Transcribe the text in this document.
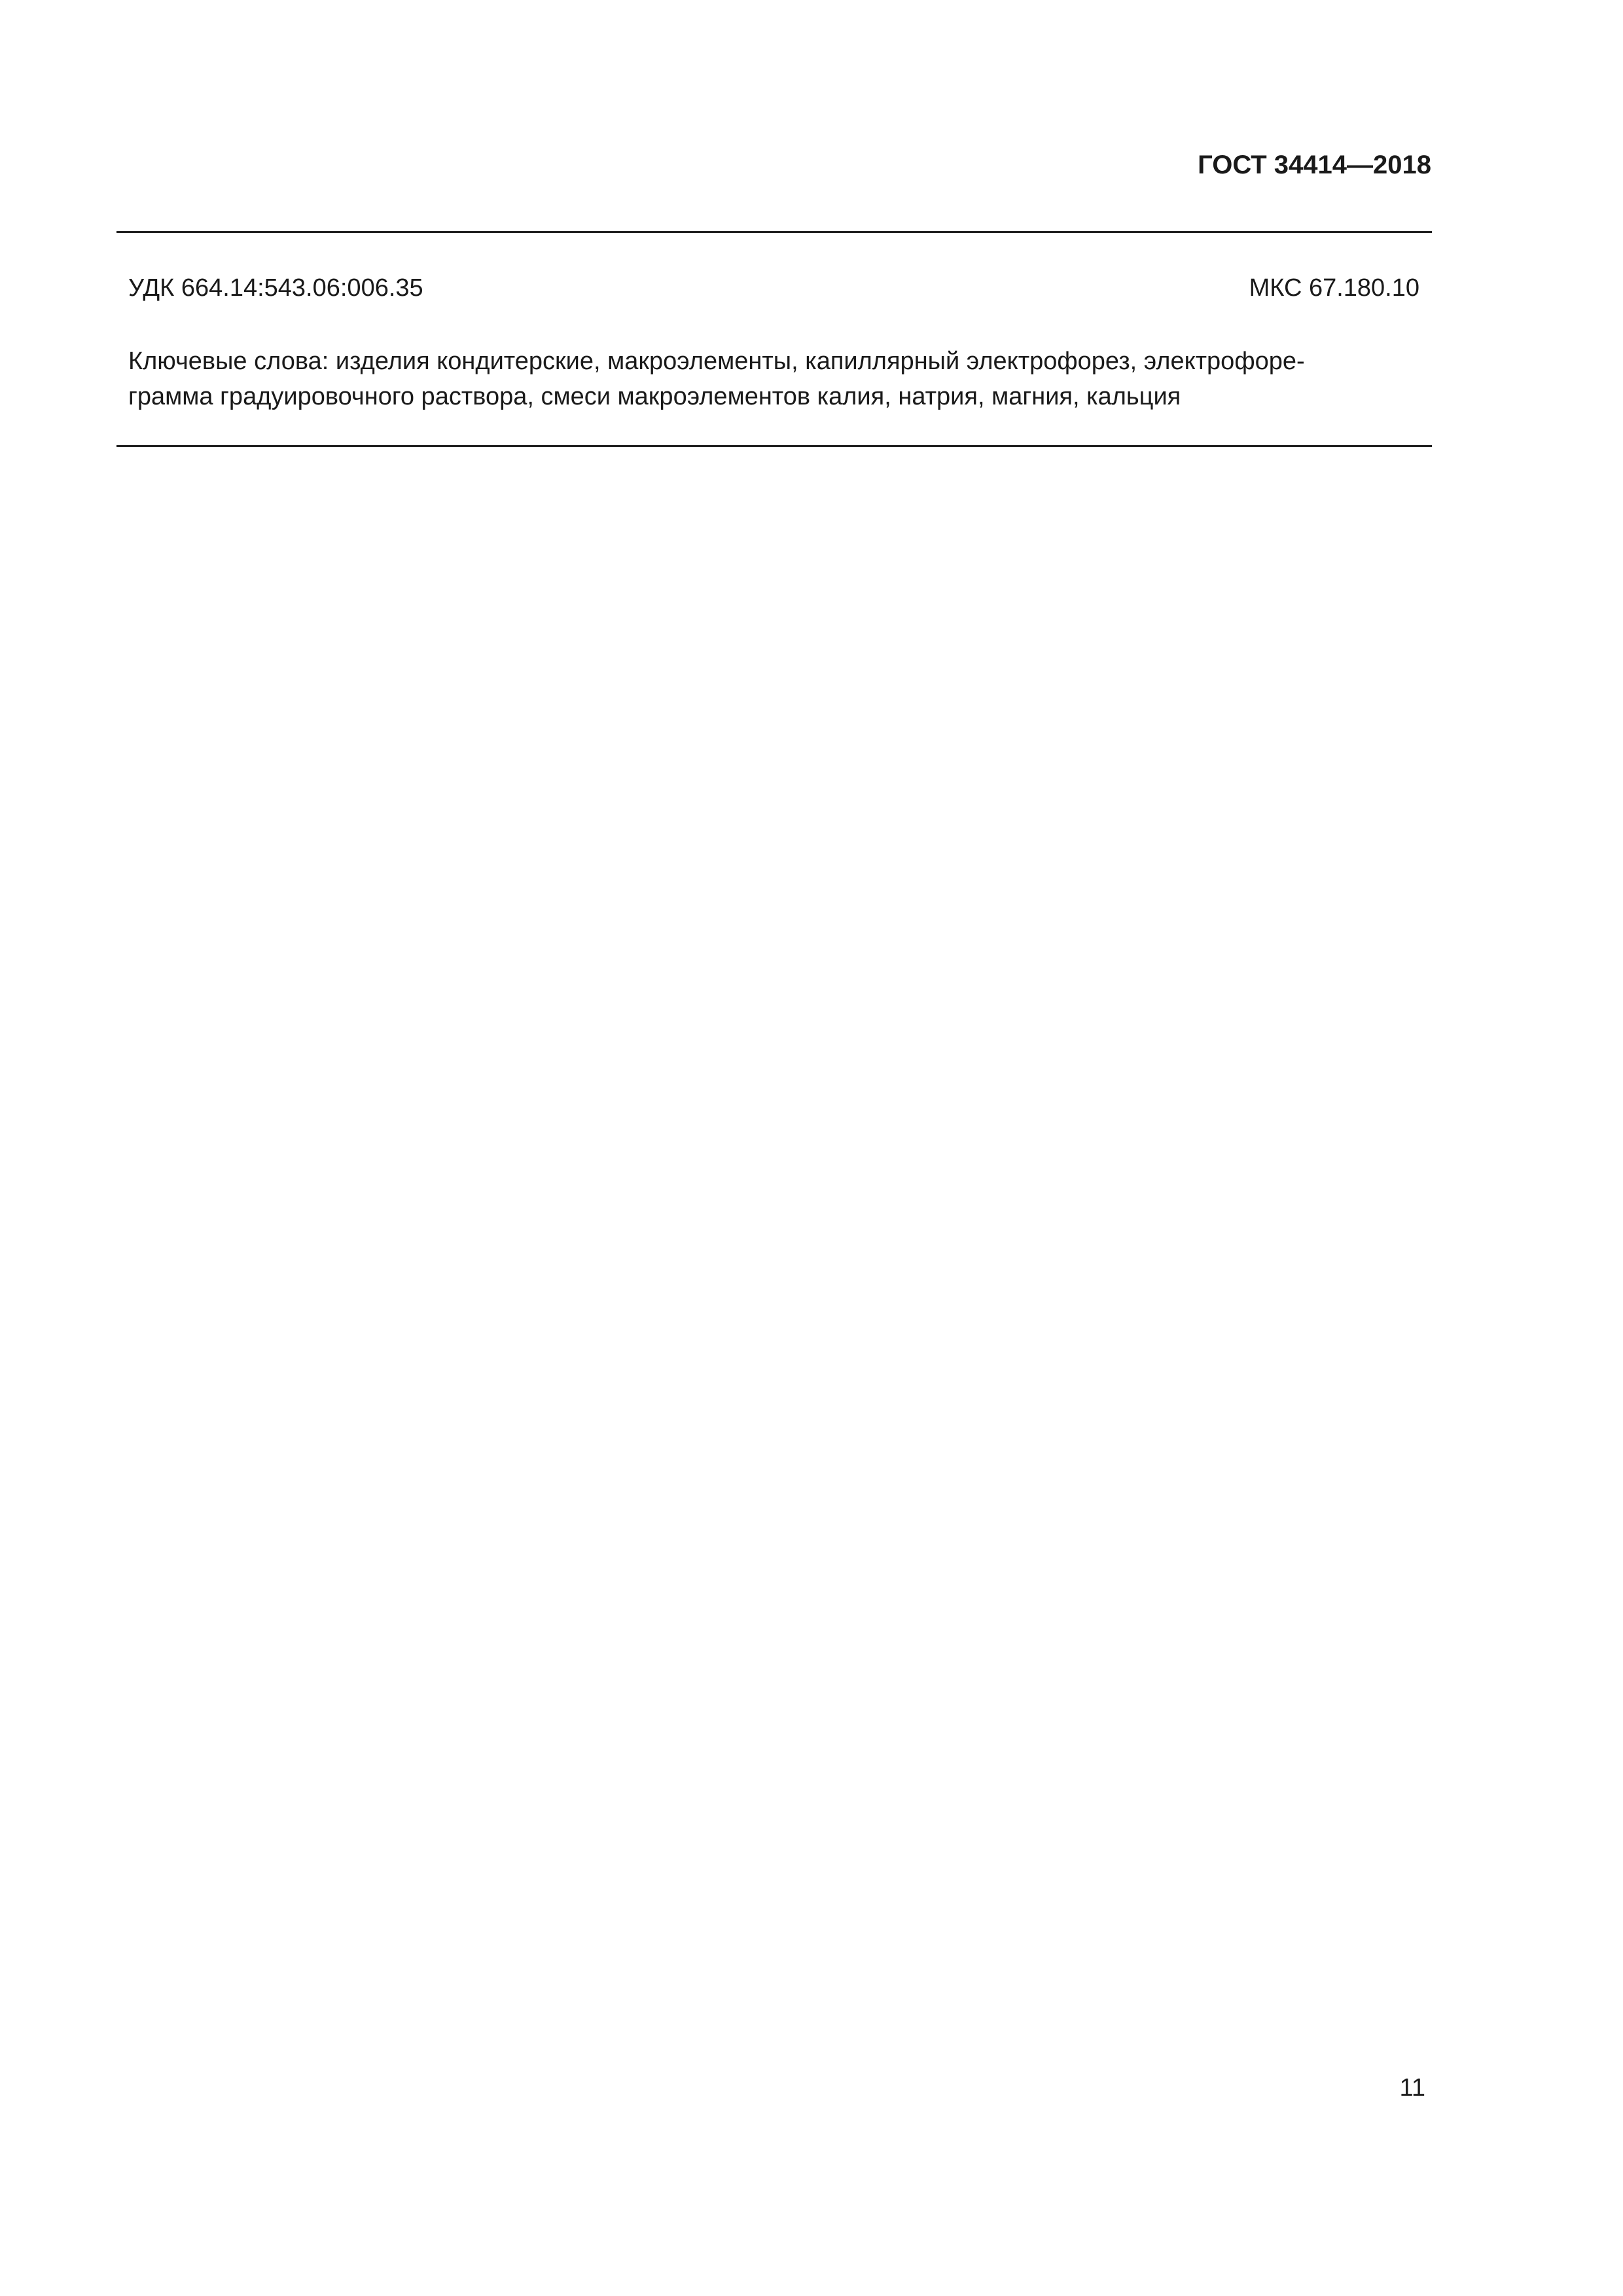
ГОСТ 34414—2018
УДК 664.14:543.06:006.35	МКС 67.180.10
Ключевые слова: изделия кондитерские, макроэлементы, капиллярный электрофорез, электрофоре-
грамма градуировочного раствора, смеси макроэлементов калия, натрия, магния, кальция
11
